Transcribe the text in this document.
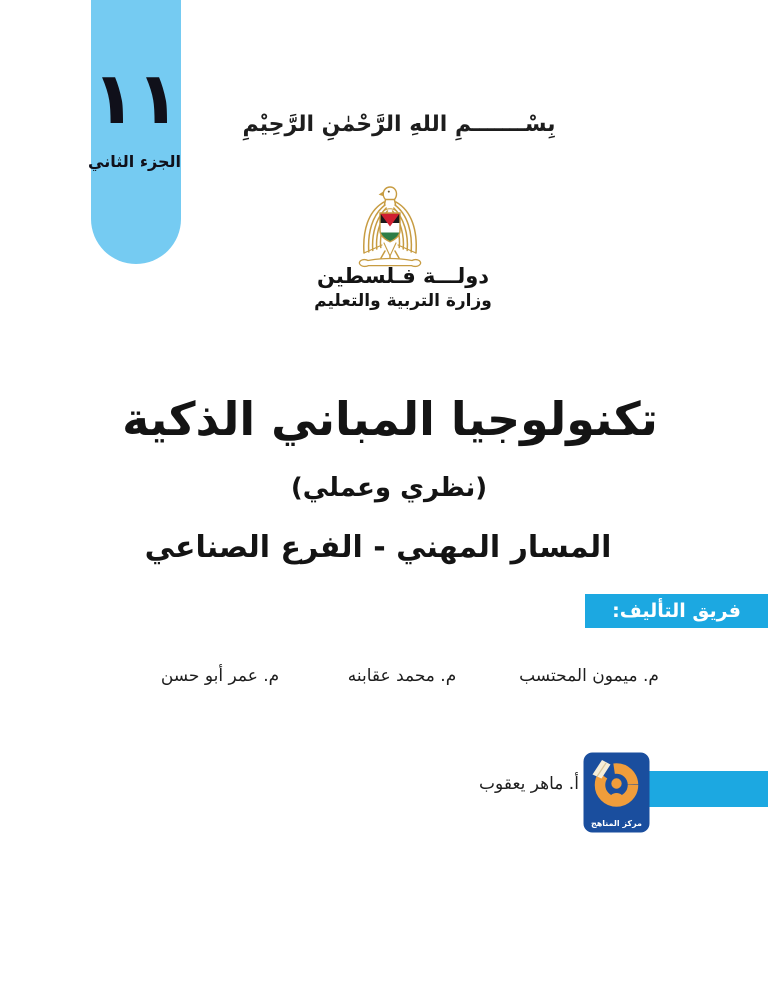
١١
الجزء الثاني
بِسْـــــــمِ اللهِ الرَّحْمٰنِ الرَّحِيْمِ
دولـــة فـلسطين
وزارة التربية والتعليم
تكنولوجيا المباني الذكية
(نظري وعملي)
المسار المهني - الفرع الصناعي
فريق التأليف:
م. ميمون المحتسب
م. محمد عقابنه
م. عمر أبو حسن
أ. ماهر يعقوب
مركز المناهج
